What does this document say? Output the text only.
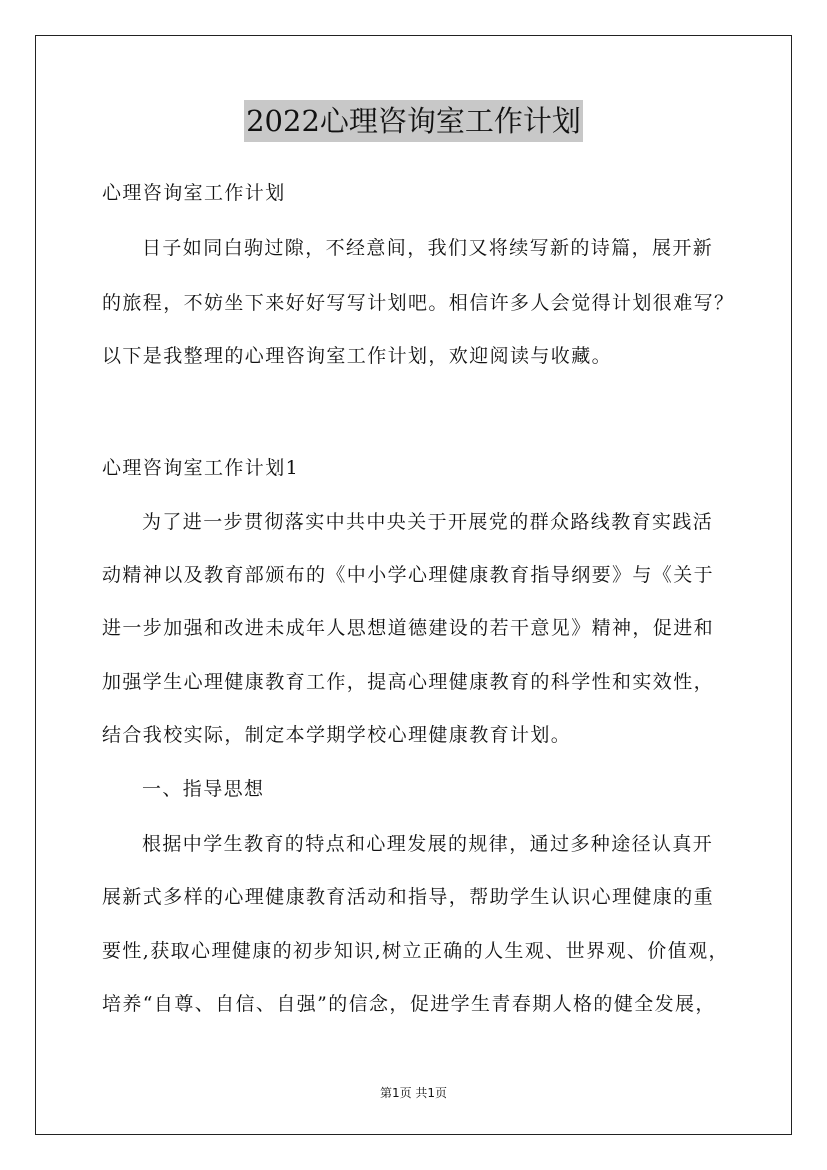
2022心理咨询室工作计划
心理咨询室工作计划
日子如同白驹过隙，不经意间，我们又将续写新的诗篇，展开新
的旅程，不妨坐下来好好写写计划吧。相信许多人会觉得计划很难写？
以下是我整理的心理咨询室工作计划，欢迎阅读与收藏。
心理咨询室工作计划1
为了进一步贯彻落实中共中央关于开展党的群众路线教育实践活
动精神以及教育部颁布的《中小学心理健康教育指导纲要》与《关于
进一步加强和改进未成年人思想道德建设的若干意见》精神，促进和
加强学生心理健康教育工作，提高心理健康教育的科学性和实效性，
结合我校实际，制定本学期学校心理健康教育计划。
一、指导思想
根据中学生教育的特点和心理发展的规律，通过多种途径认真开
展新式多样的心理健康教育活动和指导，帮助学生认识心理健康的重
要性,获取心理健康的初步知识,树立正确的人生观、世界观、价值观，
培养“自尊、自信、自强”的信念，促进学生青春期人格的健全发展，
第1页 共1页
